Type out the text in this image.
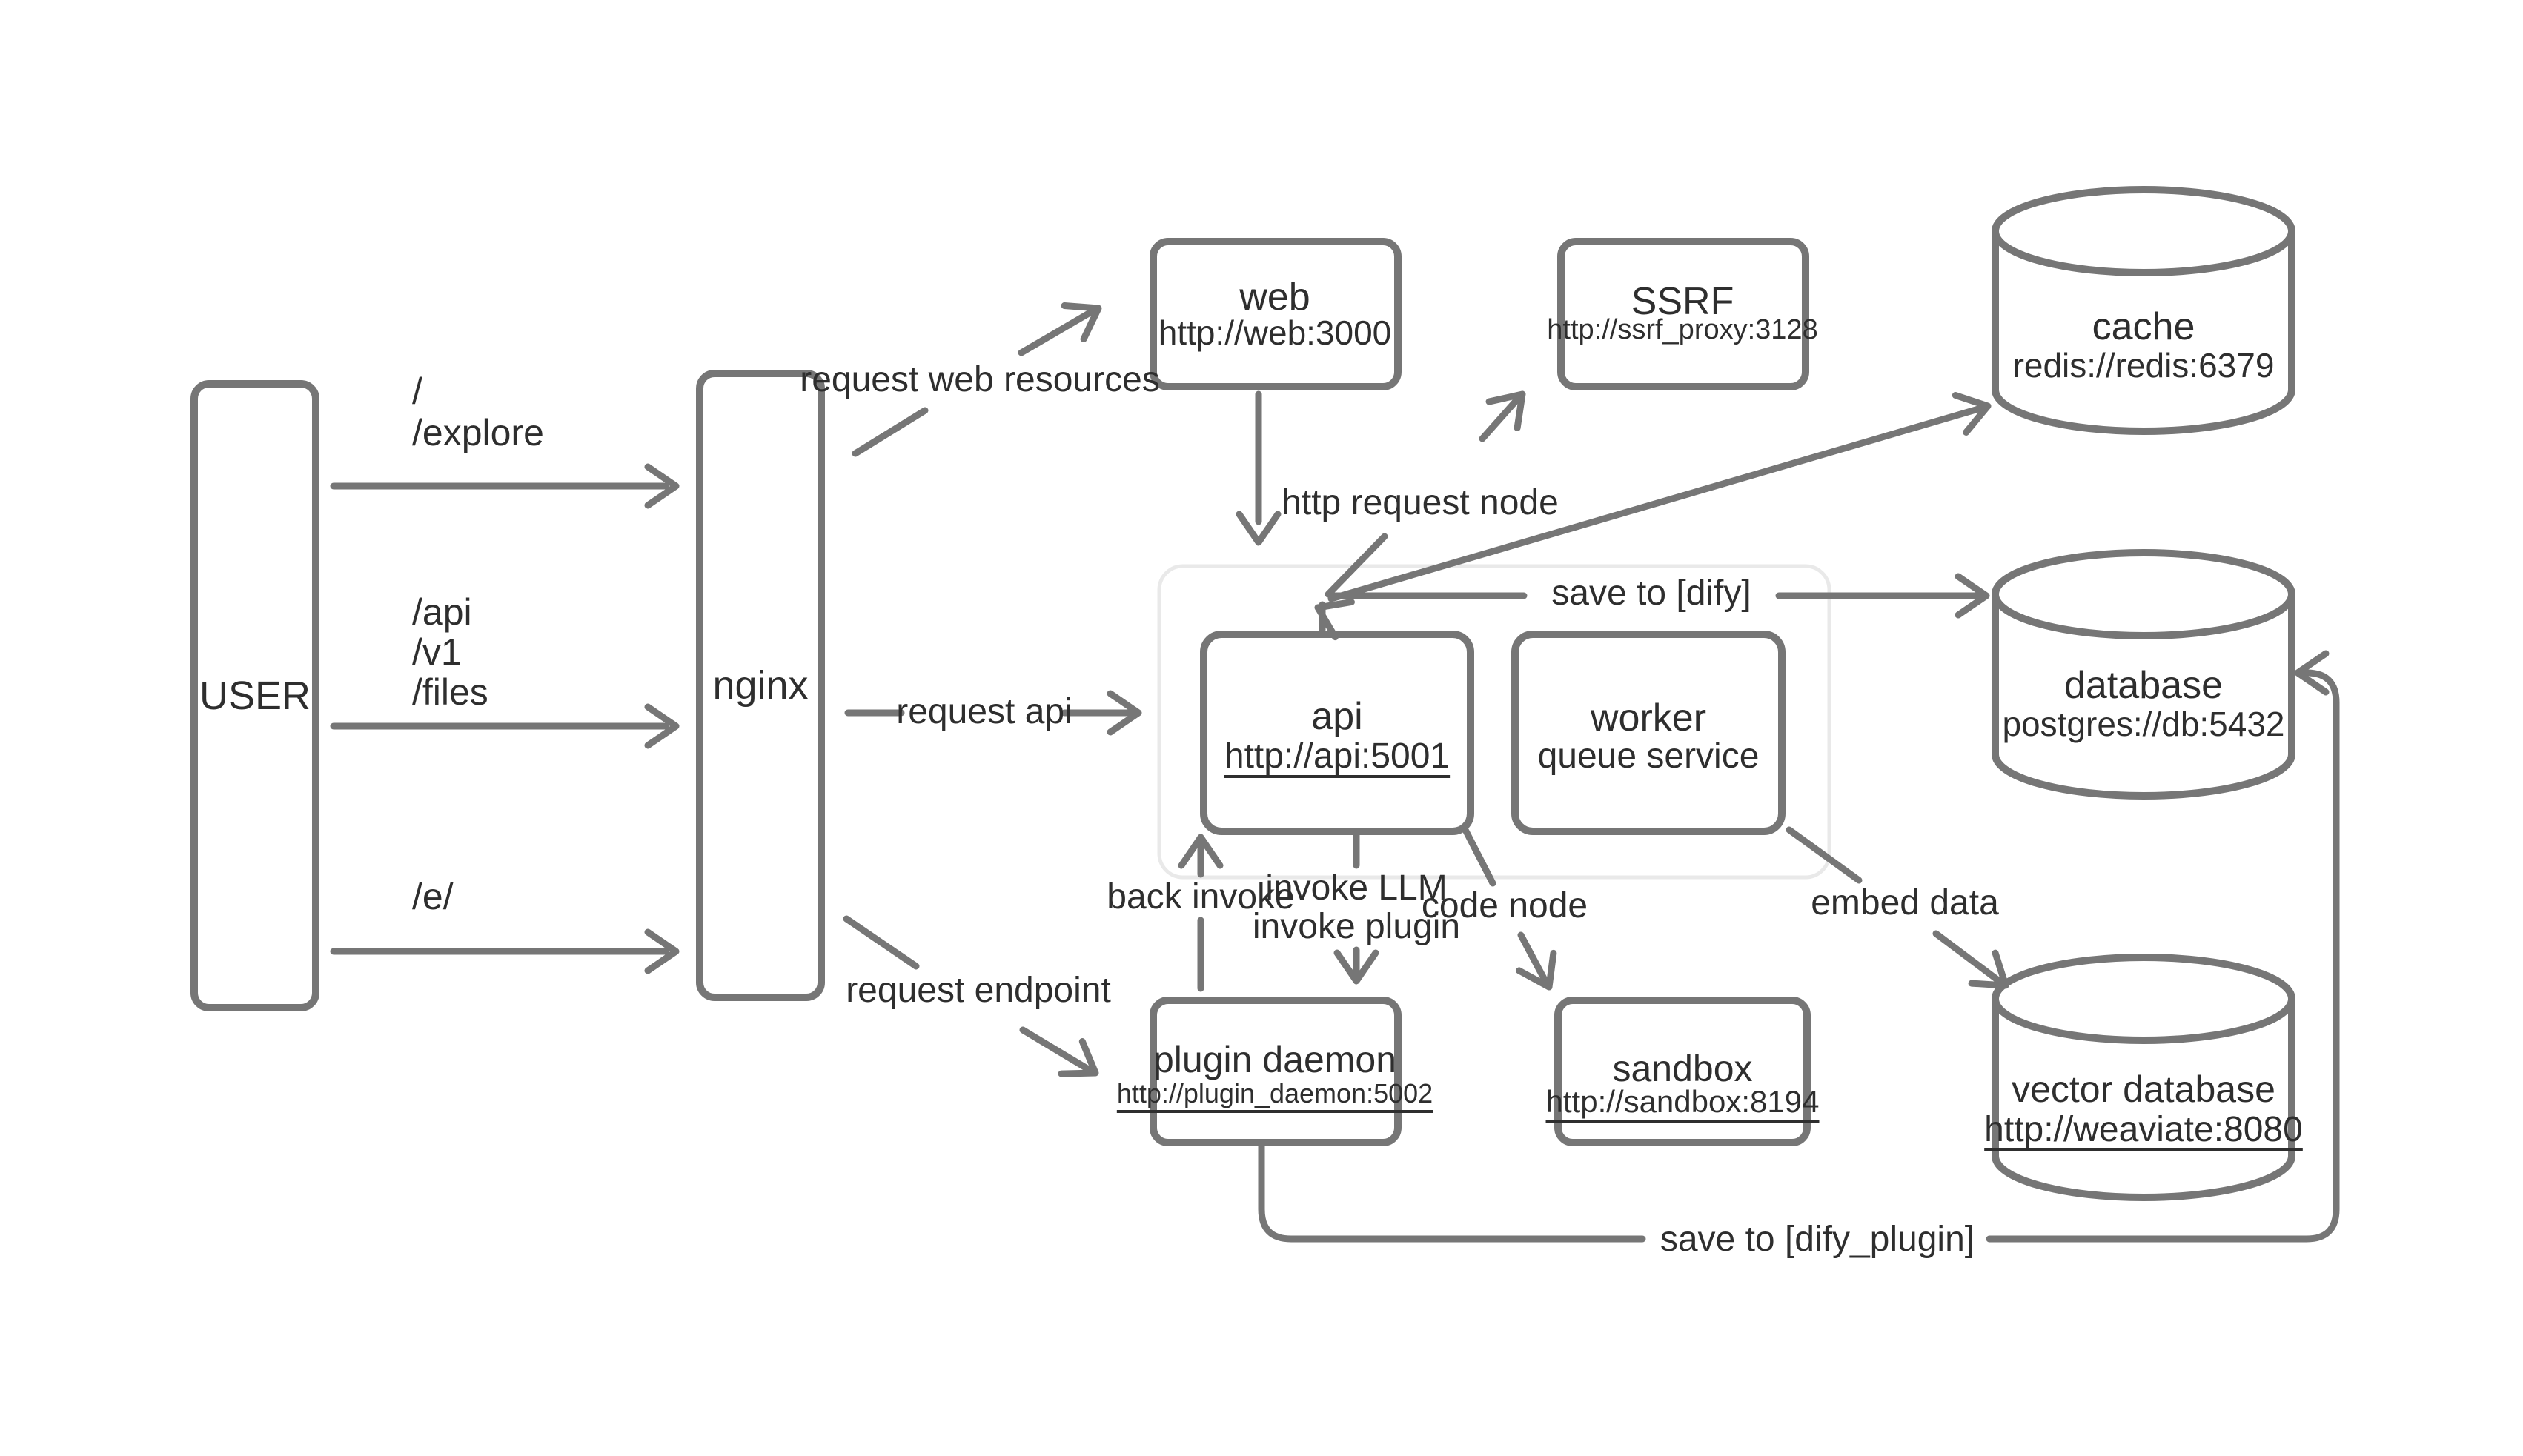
USER	nginx
web
http://web:3000
SSRF
http://ssrf_proxy:3128	cache
redis://redis:6379
api
http://api:5001
worker
queue service
database
postgres://db:5432
plugin daemon
http://plugin_daemon:5002
sandbox
http://sandbox:8194	vector database
http://weaviate:8080
/
/explore
/api
/v1
/files
/e/
request web resources
request api
request endpoint
http request node
save to [dify]
back invoke
invoke LLM
invoke plugin
code node	embed data
save to [dify_plugin]
